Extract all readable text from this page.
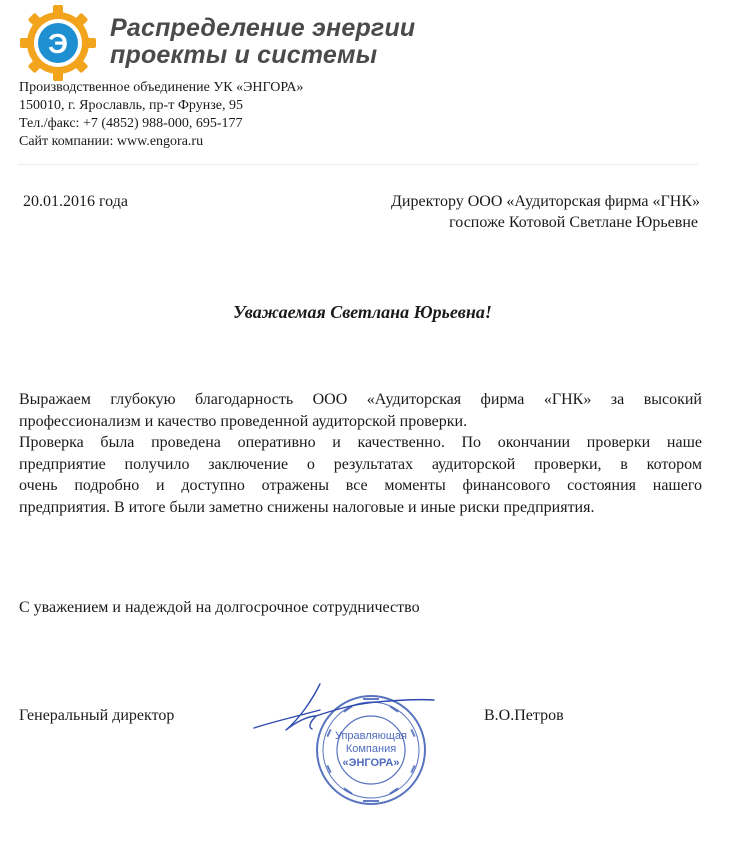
Э Распределение энергии
проекты и системы
Производственное объединение УК «ЭНГОРА»
150010, г. Ярославль, пр-т Фрунзе, 95
Тел./факс: +7 (4852) 988-000, 695-177
Сайт компании: www.engora.ru
20.01.2016 года	Директору ООО «Аудиторская фирма «ГНК»
госпоже Котовой Светлане Юрьевне
Уважаемая Светлана Юрьевна!
Выражаем глубокую благодарность ООО «Аудиторская фирма «ГНК» за высокий
профессионализм и качество проведенной аудиторской проверки.
Проверка была проведена оперативно и качественно. По окончании проверки наше
предприятие получило заключение о результатах аудиторской проверки, в котором
очень подробно и доступно отражены все моменты финансового состояния нашего
предприятия. В итоге были заметно снижены налоговые и иные риски предприятия.
С уважением и надеждой на долгосрочное сотрудничество
Генеральный директор	В.О.Петров
Управляющая
Компания
«ЭНГОРА»
